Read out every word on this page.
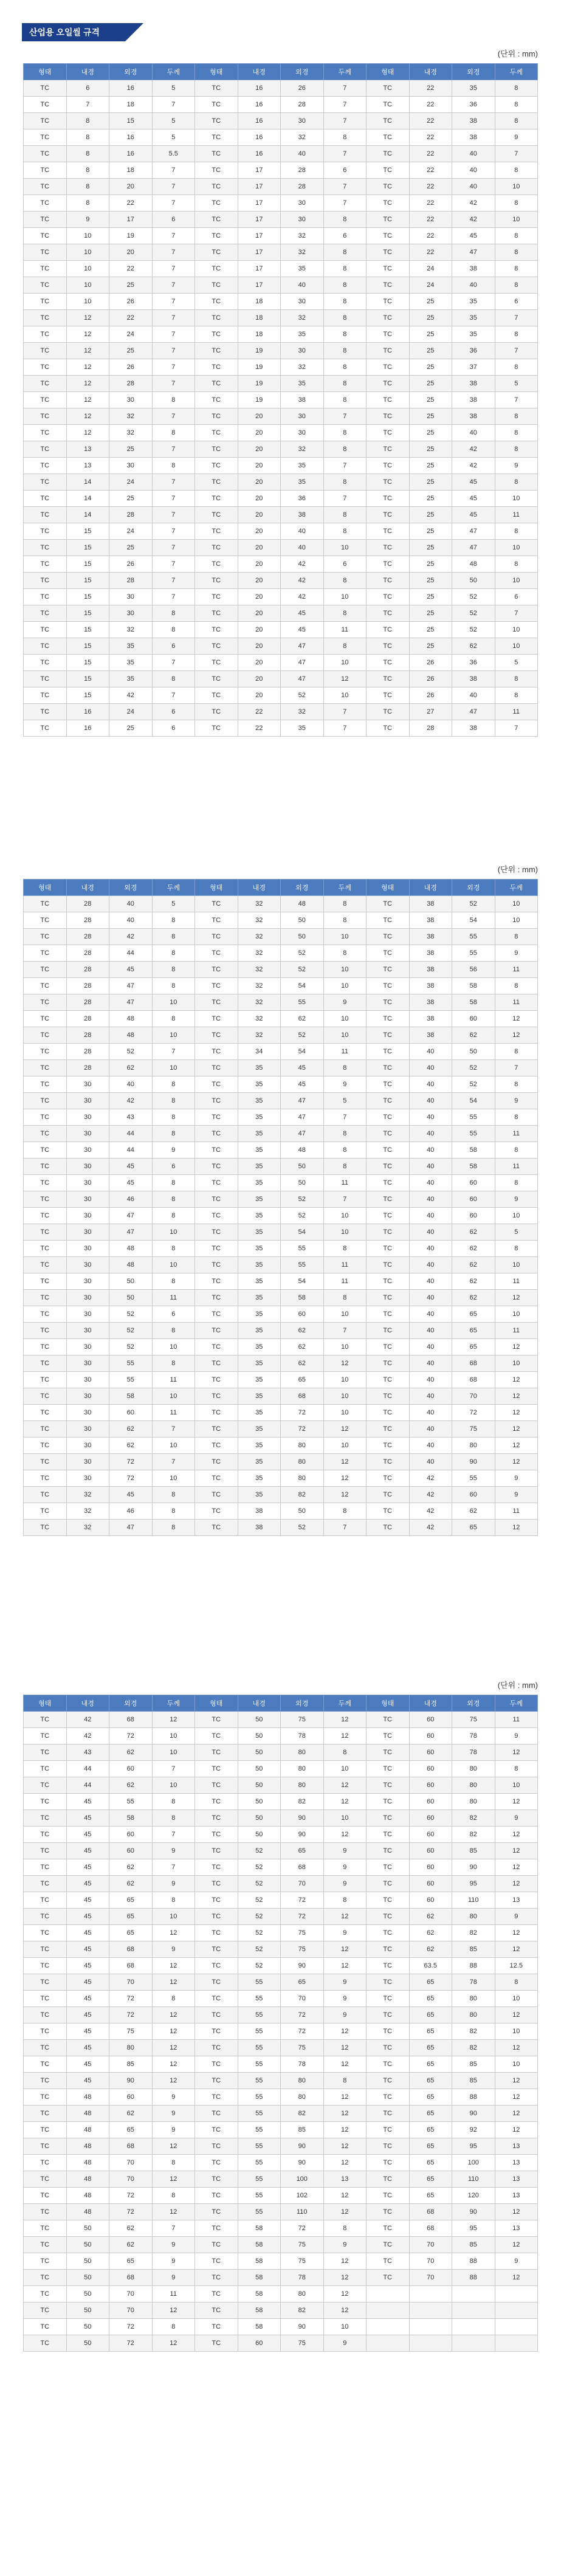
산업용 오일씰 규격
(단위 : mm)
형태	내경	외경	두께	형태	내경	외경	두께	형태	내경	외경	두께
TC	6	16	5	TC	16	26	7	TC	22	35	8
TC	7	18	7	TC	16	28	7	TC	22	36	8
TC	8	15	5	TC	16	30	7	TC	22	38	8
TC	8	16	5	TC	16	32	8	TC	22	38	9
TC	8	16	5.5	TC	16	40	7	TC	22	40	7
TC	8	18	7	TC	17	28	6	TC	22	40	8
TC	8	20	7	TC	17	28	7	TC	22	40	10
TC	8	22	7	TC	17	30	7	TC	22	42	8
TC	9	17	6	TC	17	30	8	TC	22	42	10
TC	10	19	7	TC	17	32	6	TC	22	45	8
TC	10	20	7	TC	17	32	8	TC	22	47	8
TC	10	22	7	TC	17	35	8	TC	24	38	8
TC	10	25	7	TC	17	40	8	TC	24	40	8
TC	10	26	7	TC	18	30	8	TC	25	35	6
TC	12	22	7	TC	18	32	8	TC	25	35	7
TC	12	24	7	TC	18	35	8	TC	25	35	8
TC	12	25	7	TC	19	30	8	TC	25	36	7
TC	12	26	7	TC	19	32	8	TC	25	37	8
TC	12	28	7	TC	19	35	8	TC	25	38	5
TC	12	30	8	TC	19	38	8	TC	25	38	7
TC	12	32	7	TC	20	30	7	TC	25	38	8
TC	12	32	8	TC	20	30	8	TC	25	40	8
TC	13	25	7	TC	20	32	8	TC	25	42	8
TC	13	30	8	TC	20	35	7	TC	25	42	9
TC	14	24	7	TC	20	35	8	TC	25	45	8
TC	14	25	7	TC	20	36	7	TC	25	45	10
TC	14	28	7	TC	20	38	8	TC	25	45	11
TC	15	24	7	TC	20	40	8	TC	25	47	8
TC	15	25	7	TC	20	40	10	TC	25	47	10
TC	15	26	7	TC	20	42	6	TC	25	48	8
TC	15	28	7	TC	20	42	8	TC	25	50	10
TC	15	30	7	TC	20	42	10	TC	25	52	6
TC	15	30	8	TC	20	45	8	TC	25	52	7
TC	15	32	8	TC	20	45	11	TC	25	52	10
TC	15	35	6	TC	20	47	8	TC	25	62	10
TC	15	35	7	TC	20	47	10	TC	26	36	5
TC	15	35	8	TC	20	47	12	TC	26	38	8
TC	15	42	7	TC	20	52	10	TC	26	40	8
TC	16	24	6	TC	22	32	7	TC	27	47	11
TC	16	25	6	TC	22	35	7	TC	28	38	7
(단위 : mm)
형태	내경	외경	두께	형태	내경	외경	두께	형태	내경	외경	두께
TC	28	40	5	TC	32	48	8	TC	38	52	10
TC	28	40	8	TC	32	50	8	TC	38	54	10
TC	28	42	8	TC	32	50	10	TC	38	55	8
TC	28	44	8	TC	32	52	8	TC	38	55	9
TC	28	45	8	TC	32	52	10	TC	38	56	11
TC	28	47	8	TC	32	54	10	TC	38	58	8
TC	28	47	10	TC	32	55	9	TC	38	58	11
TC	28	48	8	TC	32	62	10	TC	38	60	12
TC	28	48	10	TC	32	52	10	TC	38	62	12
TC	28	52	7	TC	34	54	11	TC	40	50	8
TC	28	62	10	TC	35	45	8	TC	40	52	7
TC	30	40	8	TC	35	45	9	TC	40	52	8
TC	30	42	8	TC	35	47	5	TC	40	54	9
TC	30	43	8	TC	35	47	7	TC	40	55	8
TC	30	44	8	TC	35	47	8	TC	40	55	11
TC	30	44	9	TC	35	48	8	TC	40	58	8
TC	30	45	6	TC	35	50	8	TC	40	58	11
TC	30	45	8	TC	35	50	11	TC	40	60	8
TC	30	46	8	TC	35	52	7	TC	40	60	9
TC	30	47	8	TC	35	52	10	TC	40	60	10
TC	30	47	10	TC	35	54	10	TC	40	62	5
TC	30	48	8	TC	35	55	8	TC	40	62	8
TC	30	48	10	TC	35	55	11	TC	40	62	10
TC	30	50	8	TC	35	54	11	TC	40	62	11
TC	30	50	11	TC	35	58	8	TC	40	62	12
TC	30	52	6	TC	35	60	10	TC	40	65	10
TC	30	52	8	TC	35	62	7	TC	40	65	11
TC	30	52	10	TC	35	62	10	TC	40	65	12
TC	30	55	8	TC	35	62	12	TC	40	68	10
TC	30	55	11	TC	35	65	10	TC	40	68	12
TC	30	58	10	TC	35	68	10	TC	40	70	12
TC	30	60	11	TC	35	72	10	TC	40	72	12
TC	30	62	7	TC	35	72	12	TC	40	75	12
TC	30	62	10	TC	35	80	10	TC	40	80	12
TC	30	72	7	TC	35	80	12	TC	40	90	12
TC	30	72	10	TC	35	80	12	TC	42	55	9
TC	32	45	8	TC	35	82	12	TC	42	60	9
TC	32	46	8	TC	38	50	8	TC	42	62	11
TC	32	47	8	TC	38	52	7	TC	42	65	12
(단위 : mm)
형태	내경	외경	두께	형태	내경	외경	두께	형태	내경	외경	두께
TC	42	68	12	TC	50	75	12	TC	60	75	11
TC	42	72	10	TC	50	78	12	TC	60	78	9
TC	43	62	10	TC	50	80	8	TC	60	78	12
TC	44	60	7	TC	50	80	10	TC	60	80	8
TC	44	62	10	TC	50	80	12	TC	60	80	10
TC	45	55	8	TC	50	82	12	TC	60	80	12
TC	45	58	8	TC	50	90	10	TC	60	82	9
TC	45	60	7	TC	50	90	12	TC	60	82	12
TC	45	60	9	TC	52	65	9	TC	60	85	12
TC	45	62	7	TC	52	68	9	TC	60	90	12
TC	45	62	9	TC	52	70	9	TC	60	95	12
TC	45	65	8	TC	52	72	8	TC	60	110	13
TC	45	65	10	TC	52	72	12	TC	62	80	9
TC	45	65	12	TC	52	75	9	TC	62	82	12
TC	45	68	9	TC	52	75	12	TC	62	85	12
TC	45	68	12	TC	52	90	12	TC	63.5	88	12.5
TC	45	70	12	TC	55	65	9	TC	65	78	8
TC	45	72	8	TC	55	70	9	TC	65	80	10
TC	45	72	12	TC	55	72	9	TC	65	80	12
TC	45	75	12	TC	55	72	12	TC	65	82	10
TC	45	80	12	TC	55	75	12	TC	65	82	12
TC	45	85	12	TC	55	78	12	TC	65	85	10
TC	45	90	12	TC	55	80	8	TC	65	85	12
TC	48	60	9	TC	55	80	12	TC	65	88	12
TC	48	62	9	TC	55	82	12	TC	65	90	12
TC	48	65	9	TC	55	85	12	TC	65	92	12
TC	48	68	12	TC	55	90	12	TC	65	95	13
TC	48	70	8	TC	55	90	12	TC	65	100	13
TC	48	70	12	TC	55	100	13	TC	65	110	13
TC	48	72	8	TC	55	102	12	TC	65	120	13
TC	48	72	12	TC	55	110	12	TC	68	90	12
TC	50	62	7	TC	58	72	8	TC	68	95	13
TC	50	62	9	TC	58	75	9	TC	70	85	12
TC	50	65	9	TC	58	75	12	TC	70	88	9
TC	50	68	9	TC	58	78	12	TC	70	88	12
TC	50	70	11	TC	58	80	12				
TC	50	70	12	TC	58	82	12				
TC	50	72	8	TC	58	90	10				
TC	50	72	12	TC	60	75	9				
